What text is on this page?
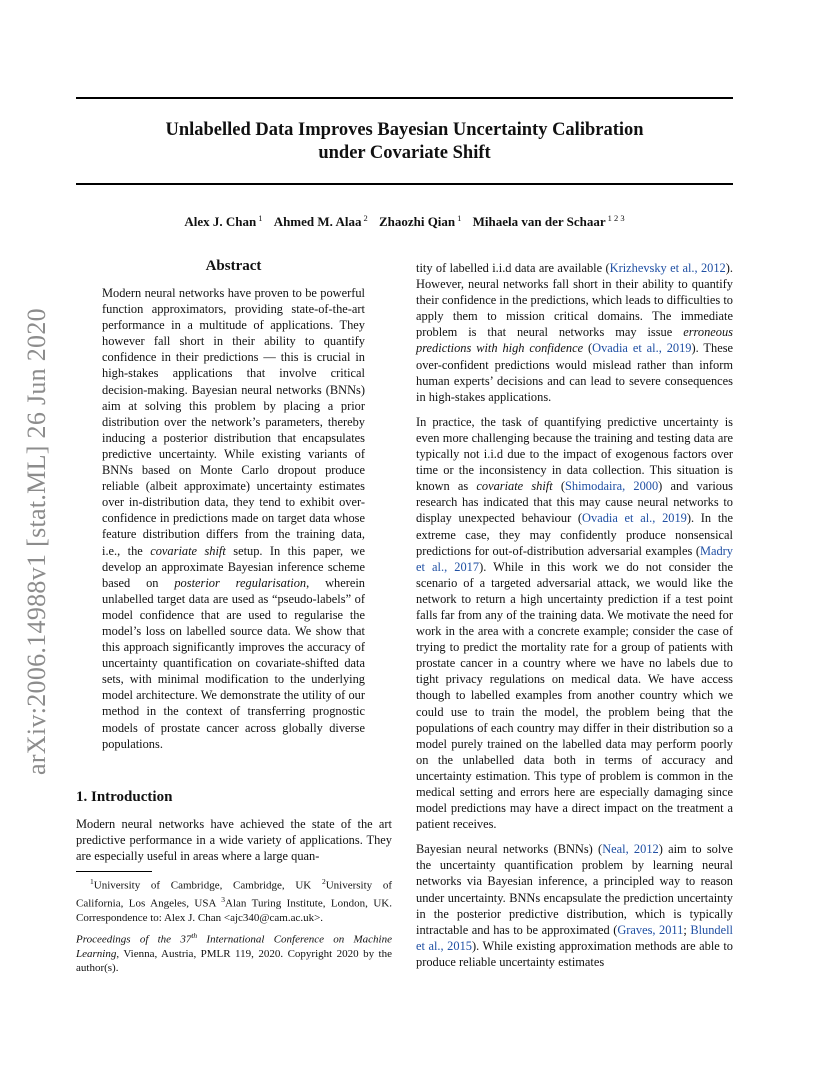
Unlabelled Data Improves Bayesian Uncertainty Calibration
under Covariate Shift
Alex J. Chan $^1$ Ahmed M. Alaa $^2$ Zhaozhi Qian $^1$ Mihaela van der Schaar $^{1 2 3}$
arXiv:2006.14988v1 [stat.ML] 26 Jun 2020
Abstract

Modern neural networks have proven to be powerful function approximators, providing state-of-the-art performance in a multitude of applications. They however fall short in their ability to quantify confidence in their predictions — this is crucial in high-stakes applications that involve critical decision-making. Bayesian neural networks (BNNs) aim at solving this problem by placing a prior distribution over the network’s parameters, thereby inducing a posterior distribution that encapsulates predictive uncertainty. While existing variants of BNNs based on Monte Carlo dropout produce reliable (albeit approximate) uncertainty estimates over in-distribution data, they tend to exhibit over-confidence in predictions made on target data whose feature distribution differs from the training data, i.e., the covariate shift setup. In this paper, we develop an approximate Bayesian inference scheme based on posterior regularisation, wherein unlabelled target data are used as “pseudo-labels” of model confidence that are used to regularise the model’s loss on labelled source data. We show that this approach significantly improves the accuracy of uncertainty quantification on covariate-shifted data sets, with minimal modification to the underlying model architecture. We demonstrate the utility of our method in the context of transferring prognostic models of prostate cancer across globally diverse populations.

1. Introduction

Modern neural networks have achieved the state of the art predictive performance in a wide variety of applications. They are especially useful in areas where a large quan-

$^1$University of Cambridge, Cambridge, UK $^2$University of California, Los Angeles, USA $^3$Alan Turing Institute, London, UK. Correspondence to: Alex J. Chan <ajc340@cam.ac.uk>.

Proceedings of the 37th International Conference on Machine Learning, Vienna, Austria, PMLR 119, 2020. Copyright 2020 by the author(s).

tity of labelled i.i.d data are available (Krizhevsky et al., 2012). However, neural networks fall short in their ability to quantify their confidence in the predictions, which leads to difficulties to apply them to mission critical domains. The immediate problem is that neural networks may issue erroneous predictions with high confidence (Ovadia et al., 2019). These over-confident predictions would mislead rather than inform human experts’ decisions and can lead to severe consequences in high-stakes applications.

In practice, the task of quantifying predictive uncertainty is even more challenging because the training and testing data are typically not i.i.d due to the impact of exogenous factors over time or the inconsistency in data collection. This situation is known as covariate shift (Shimodaira, 2000) and various research has indicated that this may cause neural networks to display unexpected behaviour (Ovadia et al., 2019). In the extreme case, they may confidently produce nonsensical predictions for out-of-distribution adversarial examples (Madry et al., 2017). While in this work we do not consider the scenario of a targeted adversarial attack, we would like the network to return a high uncertainty prediction if a test point falls far from any of the training data. We motivate the need for work in the area with a concrete example; consider the case of trying to predict the mortality rate for a group of patients with prostate cancer in a country where we have no labels due to tight privacy regulations on medical data. We have access though to labelled examples from another country which we could use to train the model, the problem being that the populations of each country may differ in their distribution so a model purely trained on the labelled data may perform poorly on the unlabelled data both in terms of accuracy and uncertainty estimation. This type of problem is common in the medical setting and errors here are especially damaging since model predictions may have a direct impact on the treatment a patient receives.

Bayesian neural networks (BNNs) (Neal, 2012) aim to solve the uncertainty quantification problem by learning neural networks via Bayesian inference, a principled way to reason under uncertainty. BNNs encapsulate the prediction uncertainty in the posterior predictive distribution, which is typically intractable and has to be approximated (Graves, 2011; Blundell et al., 2015). While existing approximation methods are able to produce reliable uncertainty estimates
